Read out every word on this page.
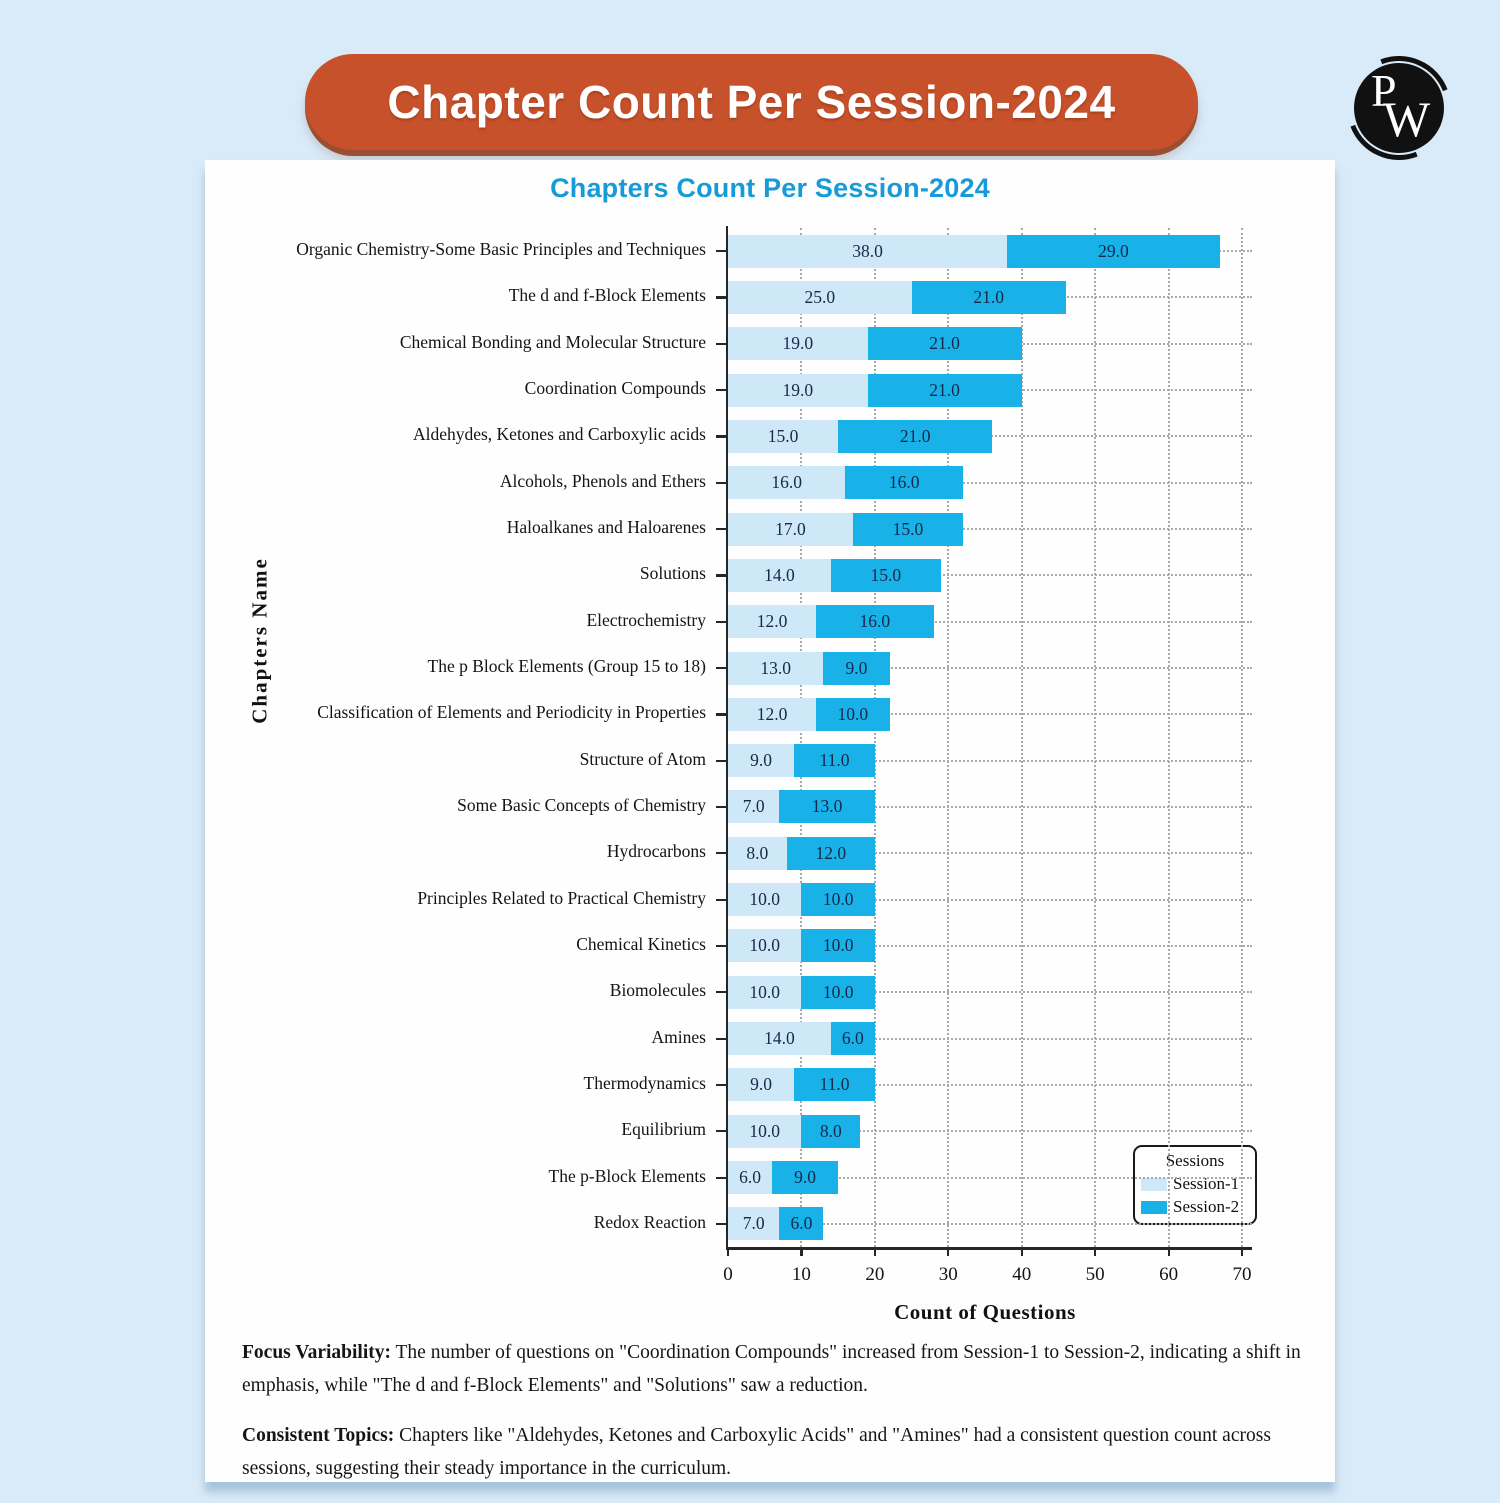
Chapter Count Per Session-2024	P
W
Chapters Count Per Session-2024
Count of Questions
Chapters Name
Sessions
Session-1
Session-2
0	10	20	30	40	50	60	70
Organic Chemistry-Some Basic Principles and Techniques	38.0	29.0
The d and f-Block Elements	25.0	21.0
Chemical Bonding and Molecular Structure	19.0	21.0
Coordination Compounds	19.0	21.0
Aldehydes, Ketones and Carboxylic acids	15.0	21.0
Alcohols, Phenols and Ethers	16.0	16.0
Haloalkanes and Haloarenes	17.0	15.0
Solutions	14.0	15.0
Electrochemistry	12.0	16.0
The p Block Elements (Group 15 to 18)	13.0	9.0
Classification of Elements and Periodicity in Properties	12.0	10.0
Structure of Atom	9.0	11.0
Some Basic Concepts of Chemistry	7.0	13.0
Hydrocarbons	8.0	12.0
Principles Related to Practical Chemistry	10.0	10.0
Chemical Kinetics	10.0	10.0
Biomolecules	10.0	10.0
Amines	14.0	6.0
Thermodynamics	9.0	11.0
Equilibrium	10.0	8.0
The p-Block Elements	6.0	9.0
Redox Reaction	7.0	6.0

Focus Variability: The number of questions on "Coordination Compounds" increased from Session-1 to Session-2, indicating a shift in emphasis, while "The d and f-Block Elements" and "Solutions" saw a reduction.

Consistent Topics: Chapters like "Aldehydes, Ketones and Carboxylic Acids" and "Amines" had a consistent question count across sessions, suggesting their steady importance in the curriculum.
